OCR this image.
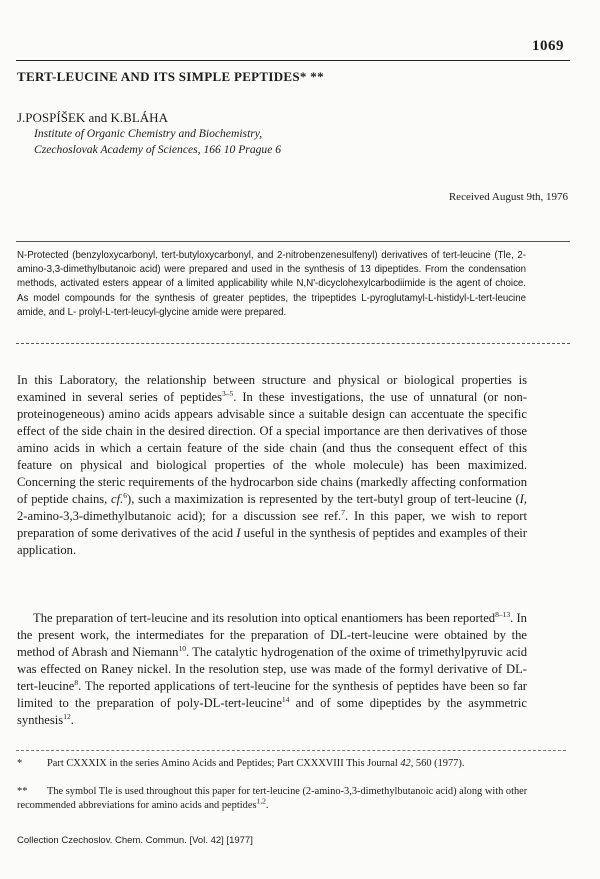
1069
TERT-LEUCINE AND ITS SIMPLE PEPTIDES* **
J.POSPÍŠEK and K.BLÁHA
Institute of Organic Chemistry and Biochemistry,
Czechoslovak Academy of Sciences, 166 10 Prague 6
Received August 9th, 1976

N-Protected (benzyloxycarbonyl, tert-butyloxycarbonyl, and 2-nitrobenzenesulfenyl) derivatives of tert-leucine (Tle, 2-amino-3,3-dimethylbutanoic acid) were prepared and used in the synthesis of 13 dipeptides. From the condensation methods, activated esters appear of a limited applicability while N,N'-dicyclohexylcarbodiimide is the agent of choice. As model compounds for the synthesis of greater peptides, the tripeptides L-pyroglutamyl-L-histidyl-L-tert-leucine amide, and L- prolyl-L-tert-leucyl-glycine amide were prepared.

In this Laboratory, the relationship between structure and physical or biological properties is examined in several series of peptides$^{3-5}$. In these investigations, the use of unnatural (or non-proteinogeneous) amino acids appears advisable since a suitable design can accentuate the specific effect of the side chain in the desired direction. Of a special importance are then derivatives of those amino acids in which a certain feature of the side chain (and thus the consequent effect of this feature on physical and biological properties of the whole molecule) has been maximized. Concerning the steric requirements of the hydrocarbon side chains (markedly affecting conformation of peptide chains, cf.$^6$), such a maximization is represented by the tert-butyl group of tert-leucine (I, 2-amino-3,3-dimethylbutanoic acid); for a discussion see ref.$^7$. In this paper, we wish to report preparation of some derivatives of the acid I useful in the synthesis of peptides and examples of their application.

The preparation of tert-leucine and its resolution into optical enantiomers has been reported$^{8-13}$. In the present work, the intermediates for the preparation of DL-tert-leucine were obtained by the method of Abrash and Niemann$^{10}$. The catalytic hydrogenation of the oxime of trimethylpyruvic acid was effected on Raney nickel. In the resolution step, use was made of the formyl derivative of DL-tert-leucine$^8$. The reported applications of tert-leucine for the synthesis of peptides have been so far limited to the preparation of poly-DL-tert-leucine$^{14}$ and of some dipeptides by the asymmetric synthesis$^{12}$.

* Part CXXXIX in the series Amino Acids and Peptides; Part CXXXVIII This Journal 42, 560 (1977).

** The symbol Tle is used throughout this paper for tert-leucine (2-amino-3,3-dimethylbutanoic acid) along with other recommended abbreviations for amino acids and peptides$^{1,2}$.

Collection Czechoslov. Chem. Commun. [Vol. 42] [1977]
